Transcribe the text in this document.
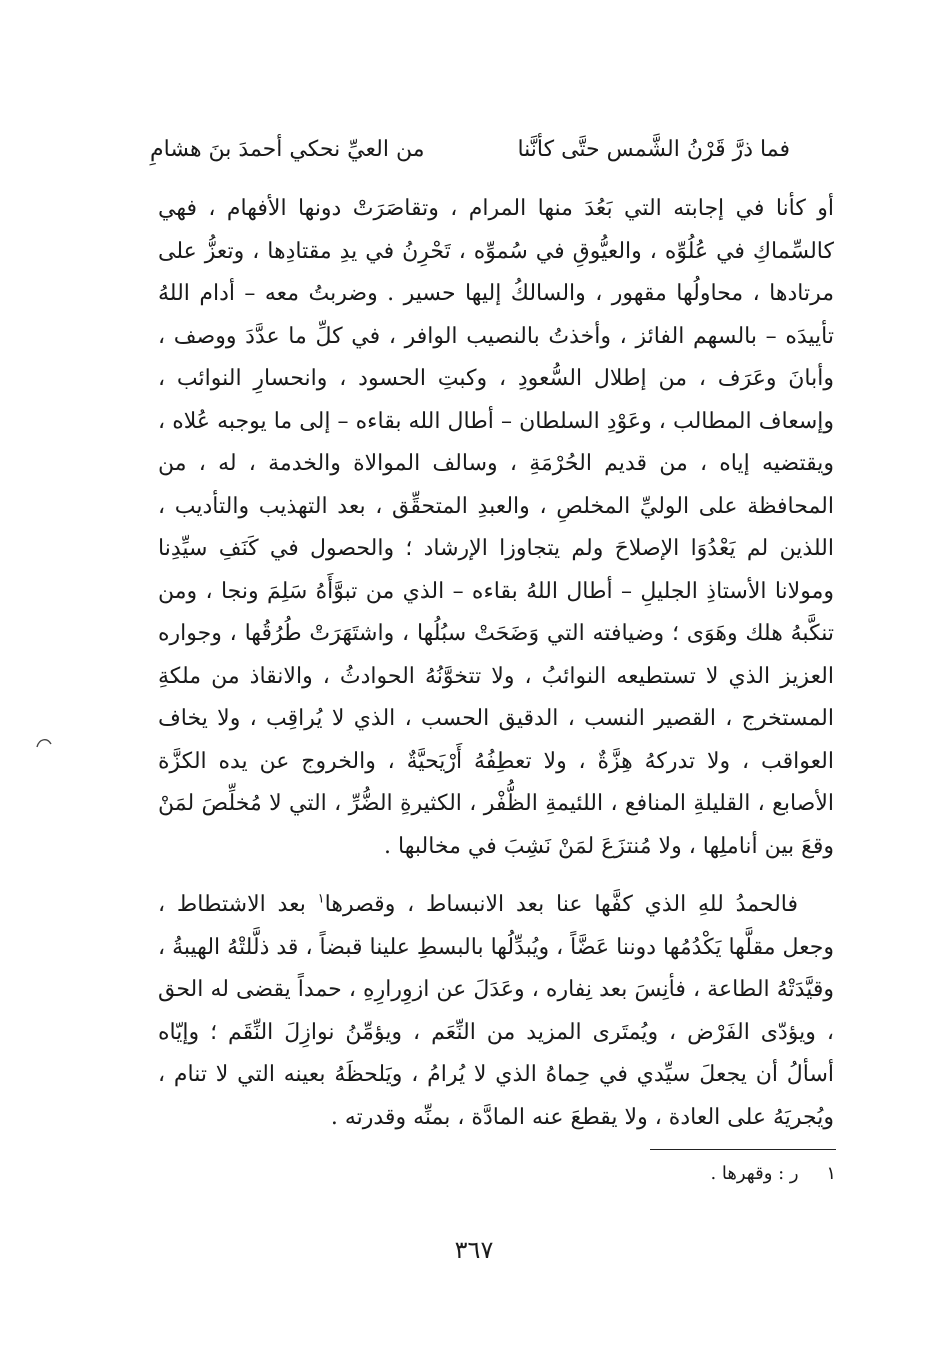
فما ذرَّ قَرْنُ الشَّمس حتَّى كأنَّنا
من العيِّ نحكي أحمدَ بنَ هشامِ

أو كأنا في إجابته التي بَعُدَ منها المرام ، وتقاصَرَتْ دونها الأفهام ، فهي كالسِّماكِ في عُلُوِّه ، والعيُّوقِ في سُموِّه ، تَحْرِنُ في يدِ مقتادِها ، وتعزُّ على مرتادها ، محاولُها مقهور ، والسالكُ إليها حسير . وضربتُ معه – أدام اللهُ تأييدَه – بالسهم الفائز ، وأخذتُ بالنصيب الوافر ، في كلِّ ما عدَّدَ ووصف ، وأبانَ وعَرَف ، من إطلال السُّعودِ ، وكبتِ الحسود ، وانحسارِ النوائب ، وإسعاف المطالب ، وعَوْدِ السلطان – أطال الله بقاءه – إلى ما يوجبه عُلاه ، ويقتضيه إياه ، من قديم الحُرْمَةِ ، وسالف الموالاة والخدمة ، له ، من المحافظة على الوليِّ المخلصِ ، والعبدِ المتحقِّق ، بعد التهذيب والتأديب ، اللذين لم يَعْدُوَا الإصلاحَ ولم يتجاوزا الإرشاد ؛ والحصول في كَنَفِ سيِّدِنا ومولانا الأستاذِ الجليلِ – أطال اللهُ بقاءه – الذي من تبوَّأَهُ سَلِمَ ونجا ، ومن تنكَّبهُ هلك وهَوَى ؛ وضيافته التي وَضَحَتْ سبُلُها ، واشتَهَرَتْ طُرُقُها ، وجواره العزيز الذي لا تستطيعه النوائبُ ، ولا تتخوَّنُهُ الحوادثُ ، والانقاذ من ملكةِ المستخرج ، القصير النسب ، الدقيق الحسب ، الذي لا يُراقِب ، ولا يخاف العواقب ، ولا تدركهُ هِزَّةٌ ، ولا تعطِفُهُ أَرْيَحيَّةٌ ، والخروج عن يده الكزَّة الأصابع ، القليلةِ المنافع ، اللئيمةِ الظُّفْر ، الكثيرةِ الضُّرِّ ، التي لا مُخلِّصَ لمَنْ وقعَ بين أناملِها ، ولا مُنتزَعَ لمَنْ نَشِبَ في مخالبها .

فالحمدُ للهِ الذي كفَّها عنا بعد الانبساط ، وقصرها$^١$ بعد الاشتطاط ، وجعل مقلَّها يَكْدُمُها دوننا عَضَّاً ، ويُبدِّلُها بالبسطِ علينا قبضاً ، قد ذلَّلتْهُ الهيبةُ ، وقيَّدَتْهُ الطاعة ، فأنِسَ بعد نِفاره ، وعَدَلَ عن ازوِرارِهِ ، حمداً يقضى له الحق ، ويؤدّى الفَرْض ، ويُمتَرى المزيد من النِّعَم ، ويؤمِّنُ نوازِلَ النِّقَم ؛ وإيّاه أسألُ أن يجعلَ سيِّدي في حِماهُ الذي لا يُرامُ ، ويَلحظَهُ بعينه التي لا تنام ، ويُجريَهُ على العادة ، ولا يقطعَ عنه المادَّة ، بمنِّه وقدرته .

١ ر : وقهرها .
٣٦٧
